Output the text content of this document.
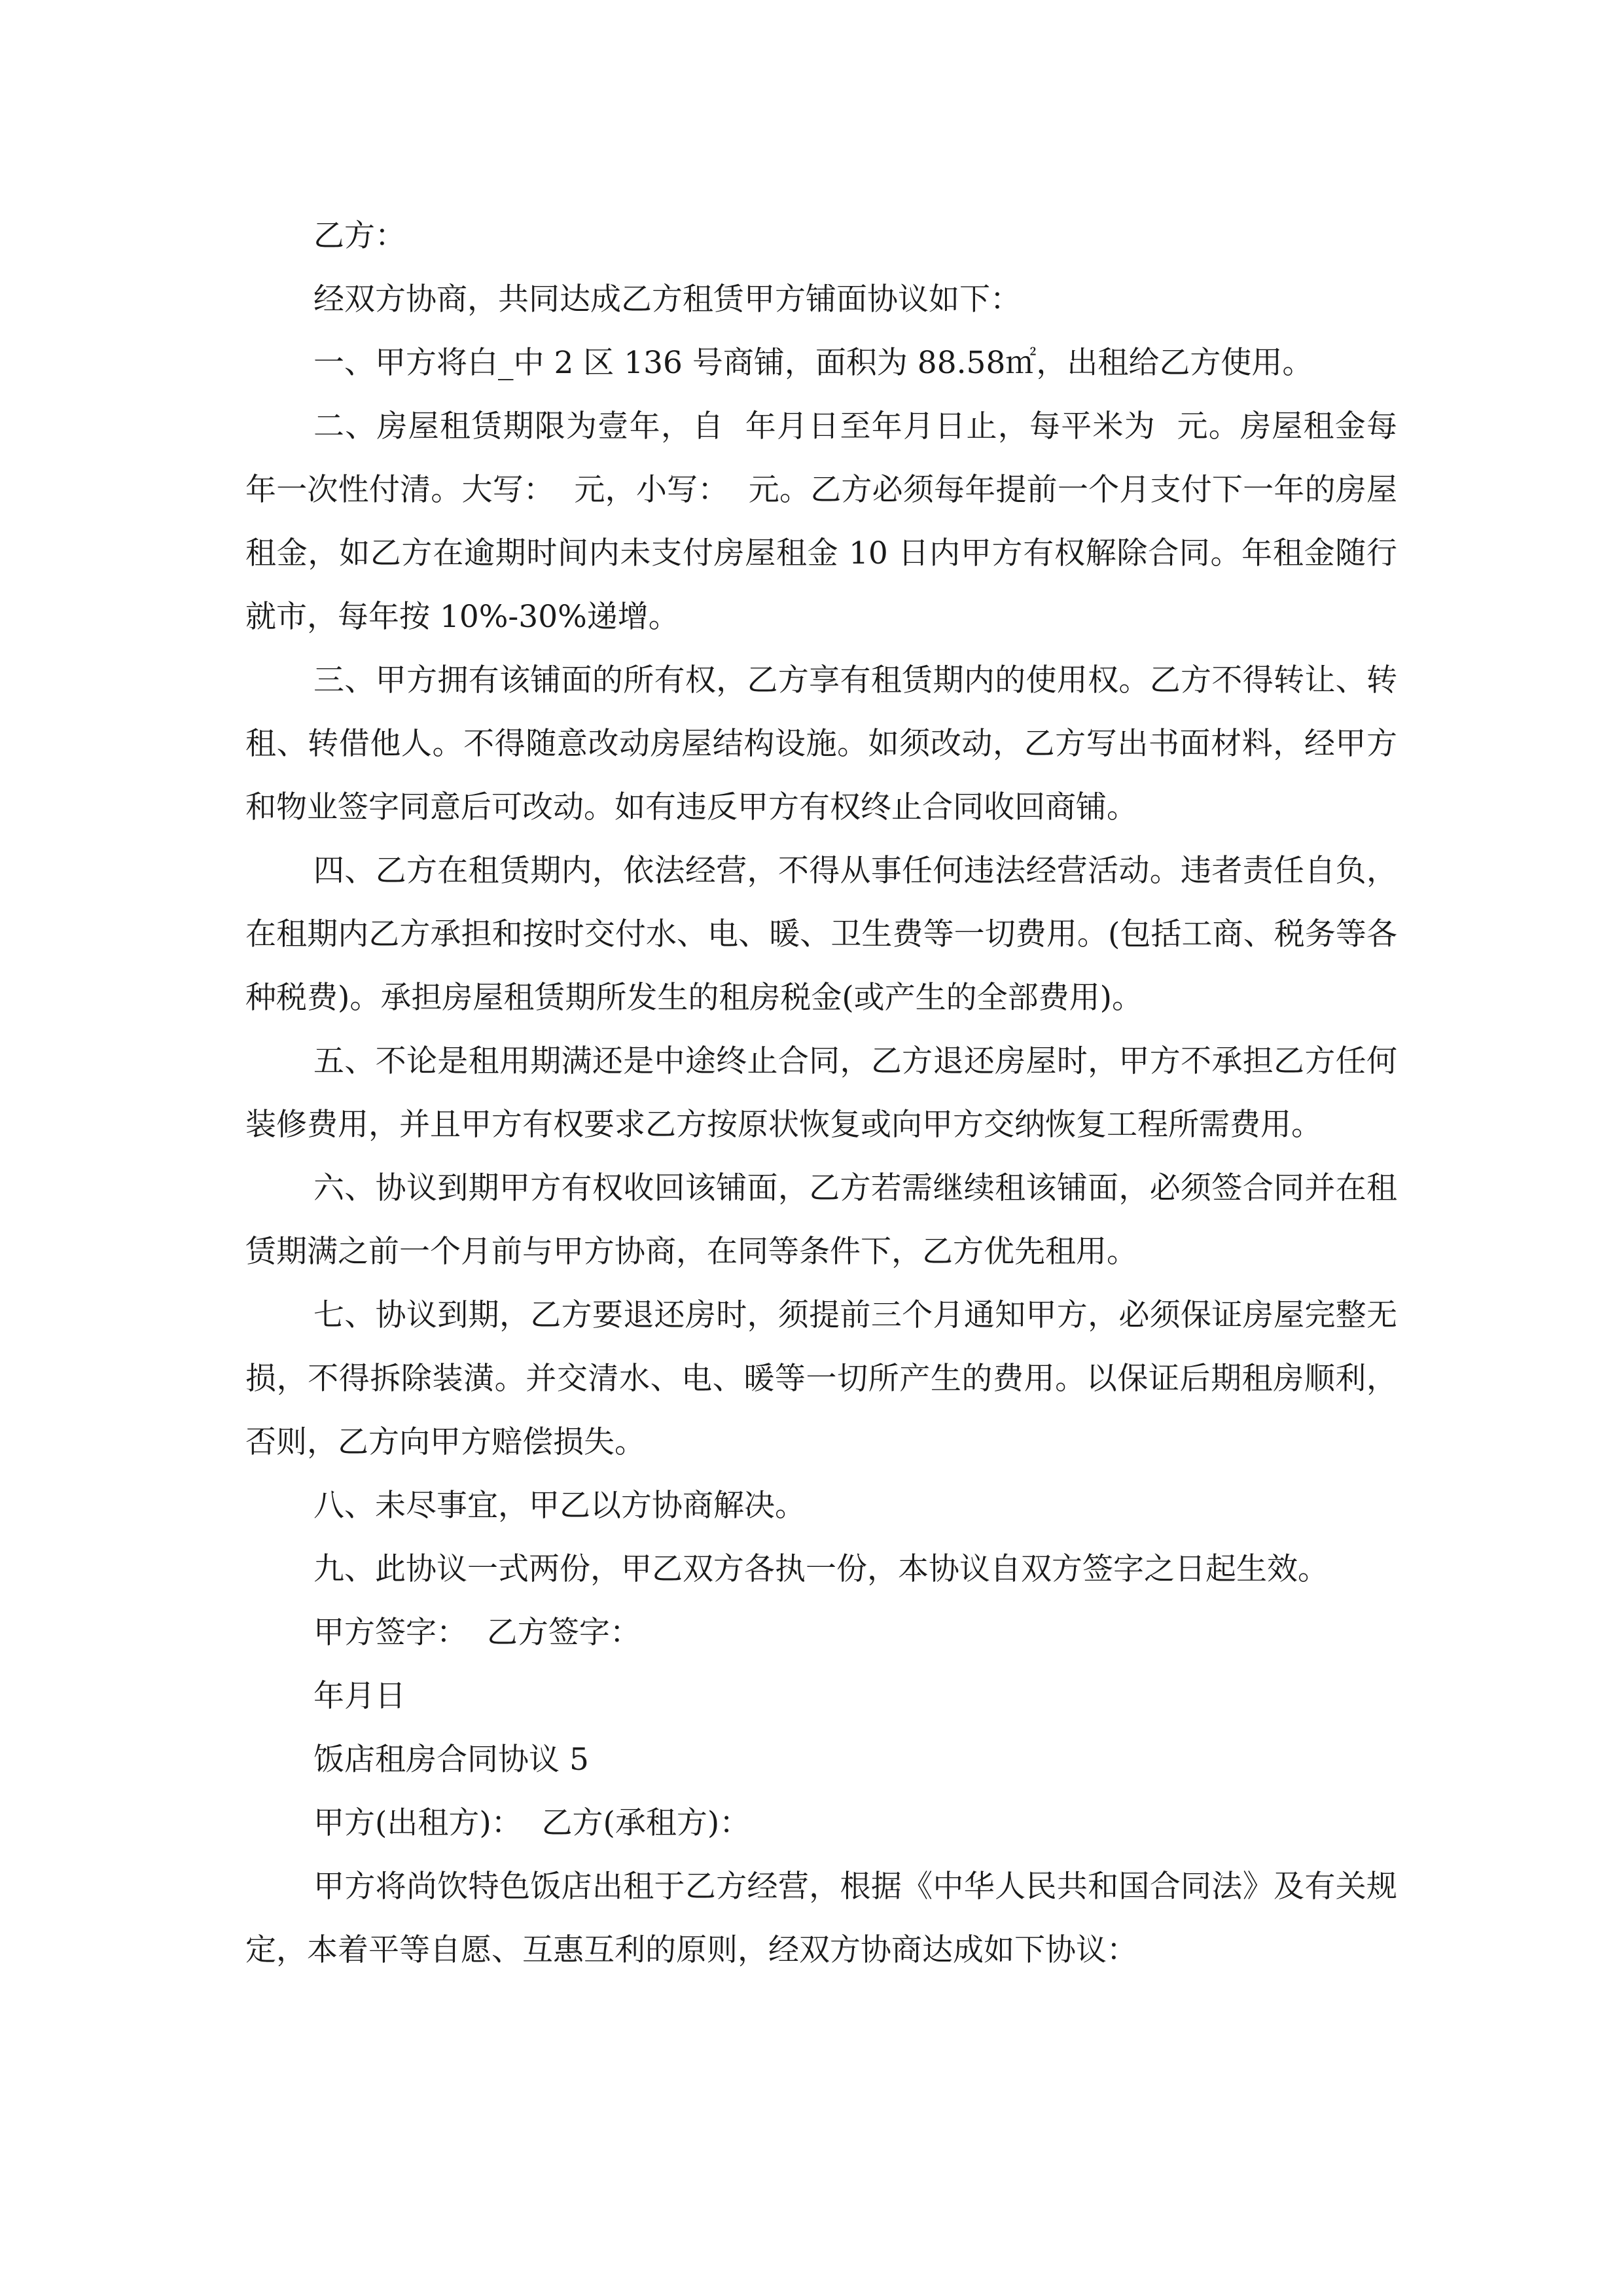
乙方：

经双方协商，共同达成乙方租赁甲方铺面协议如下：

一、甲方将白_中 2 区 136 号商铺，面积为 88.58㎡，出租给乙方使用。

二、房屋租赁期限为壹年，自  年月日至年月日止，每平米为  元。房屋租金每年一次性付清。大写：  元，小写：  元。乙方必须每年提前一个月支付下一年的房屋租金，如乙方在逾期时间内未支付房屋租金 10 日内甲方有权解除合同。年租金随行就市，每年按 10%-30%递增。

三、甲方拥有该铺面的所有权，乙方享有租赁期内的使用权。乙方不得转让、转租、转借他人。不得随意改动房屋结构设施。如须改动，乙方写出书面材料，经甲方和物业签字同意后可改动。如有违反甲方有权终止合同收回商铺。

四、乙方在租赁期内，依法经营，不得从事任何违法经营活动。违者责任自负，在租期内乙方承担和按时交付水、电、暖、卫生费等一切费用。(包括工商、税务等各种税费)。承担房屋租赁期所发生的租房税金(或产生的全部费用)。

五、不论是租用期满还是中途终止合同，乙方退还房屋时，甲方不承担乙方任何装修费用，并且甲方有权要求乙方按原状恢复或向甲方交纳恢复工程所需费用。

六、协议到期甲方有权收回该铺面，乙方若需继续租该铺面，必须签合同并在租赁期满之前一个月前与甲方协商，在同等条件下，乙方优先租用。

七、协议到期，乙方要退还房时，须提前三个月通知甲方，必须保证房屋完整无损，不得拆除装潢。并交清水、电、暖等一切所产生的费用。以保证后期租房顺利，否则，乙方向甲方赔偿损失。

八、未尽事宜，甲乙以方协商解决。

九、此协议一式两份，甲乙双方各执一份，本协议自双方签字之日起生效。

甲方签字：  乙方签字：

年月日

饭店租房合同协议 5

甲方(出租方)：  乙方(承租方)：

甲方将尚饮特色饭店出租于乙方经营，根据《中华人民共和国合同法》及有关规定，本着平等自愿、互惠互利的原则，经双方协商达成如下协议：
